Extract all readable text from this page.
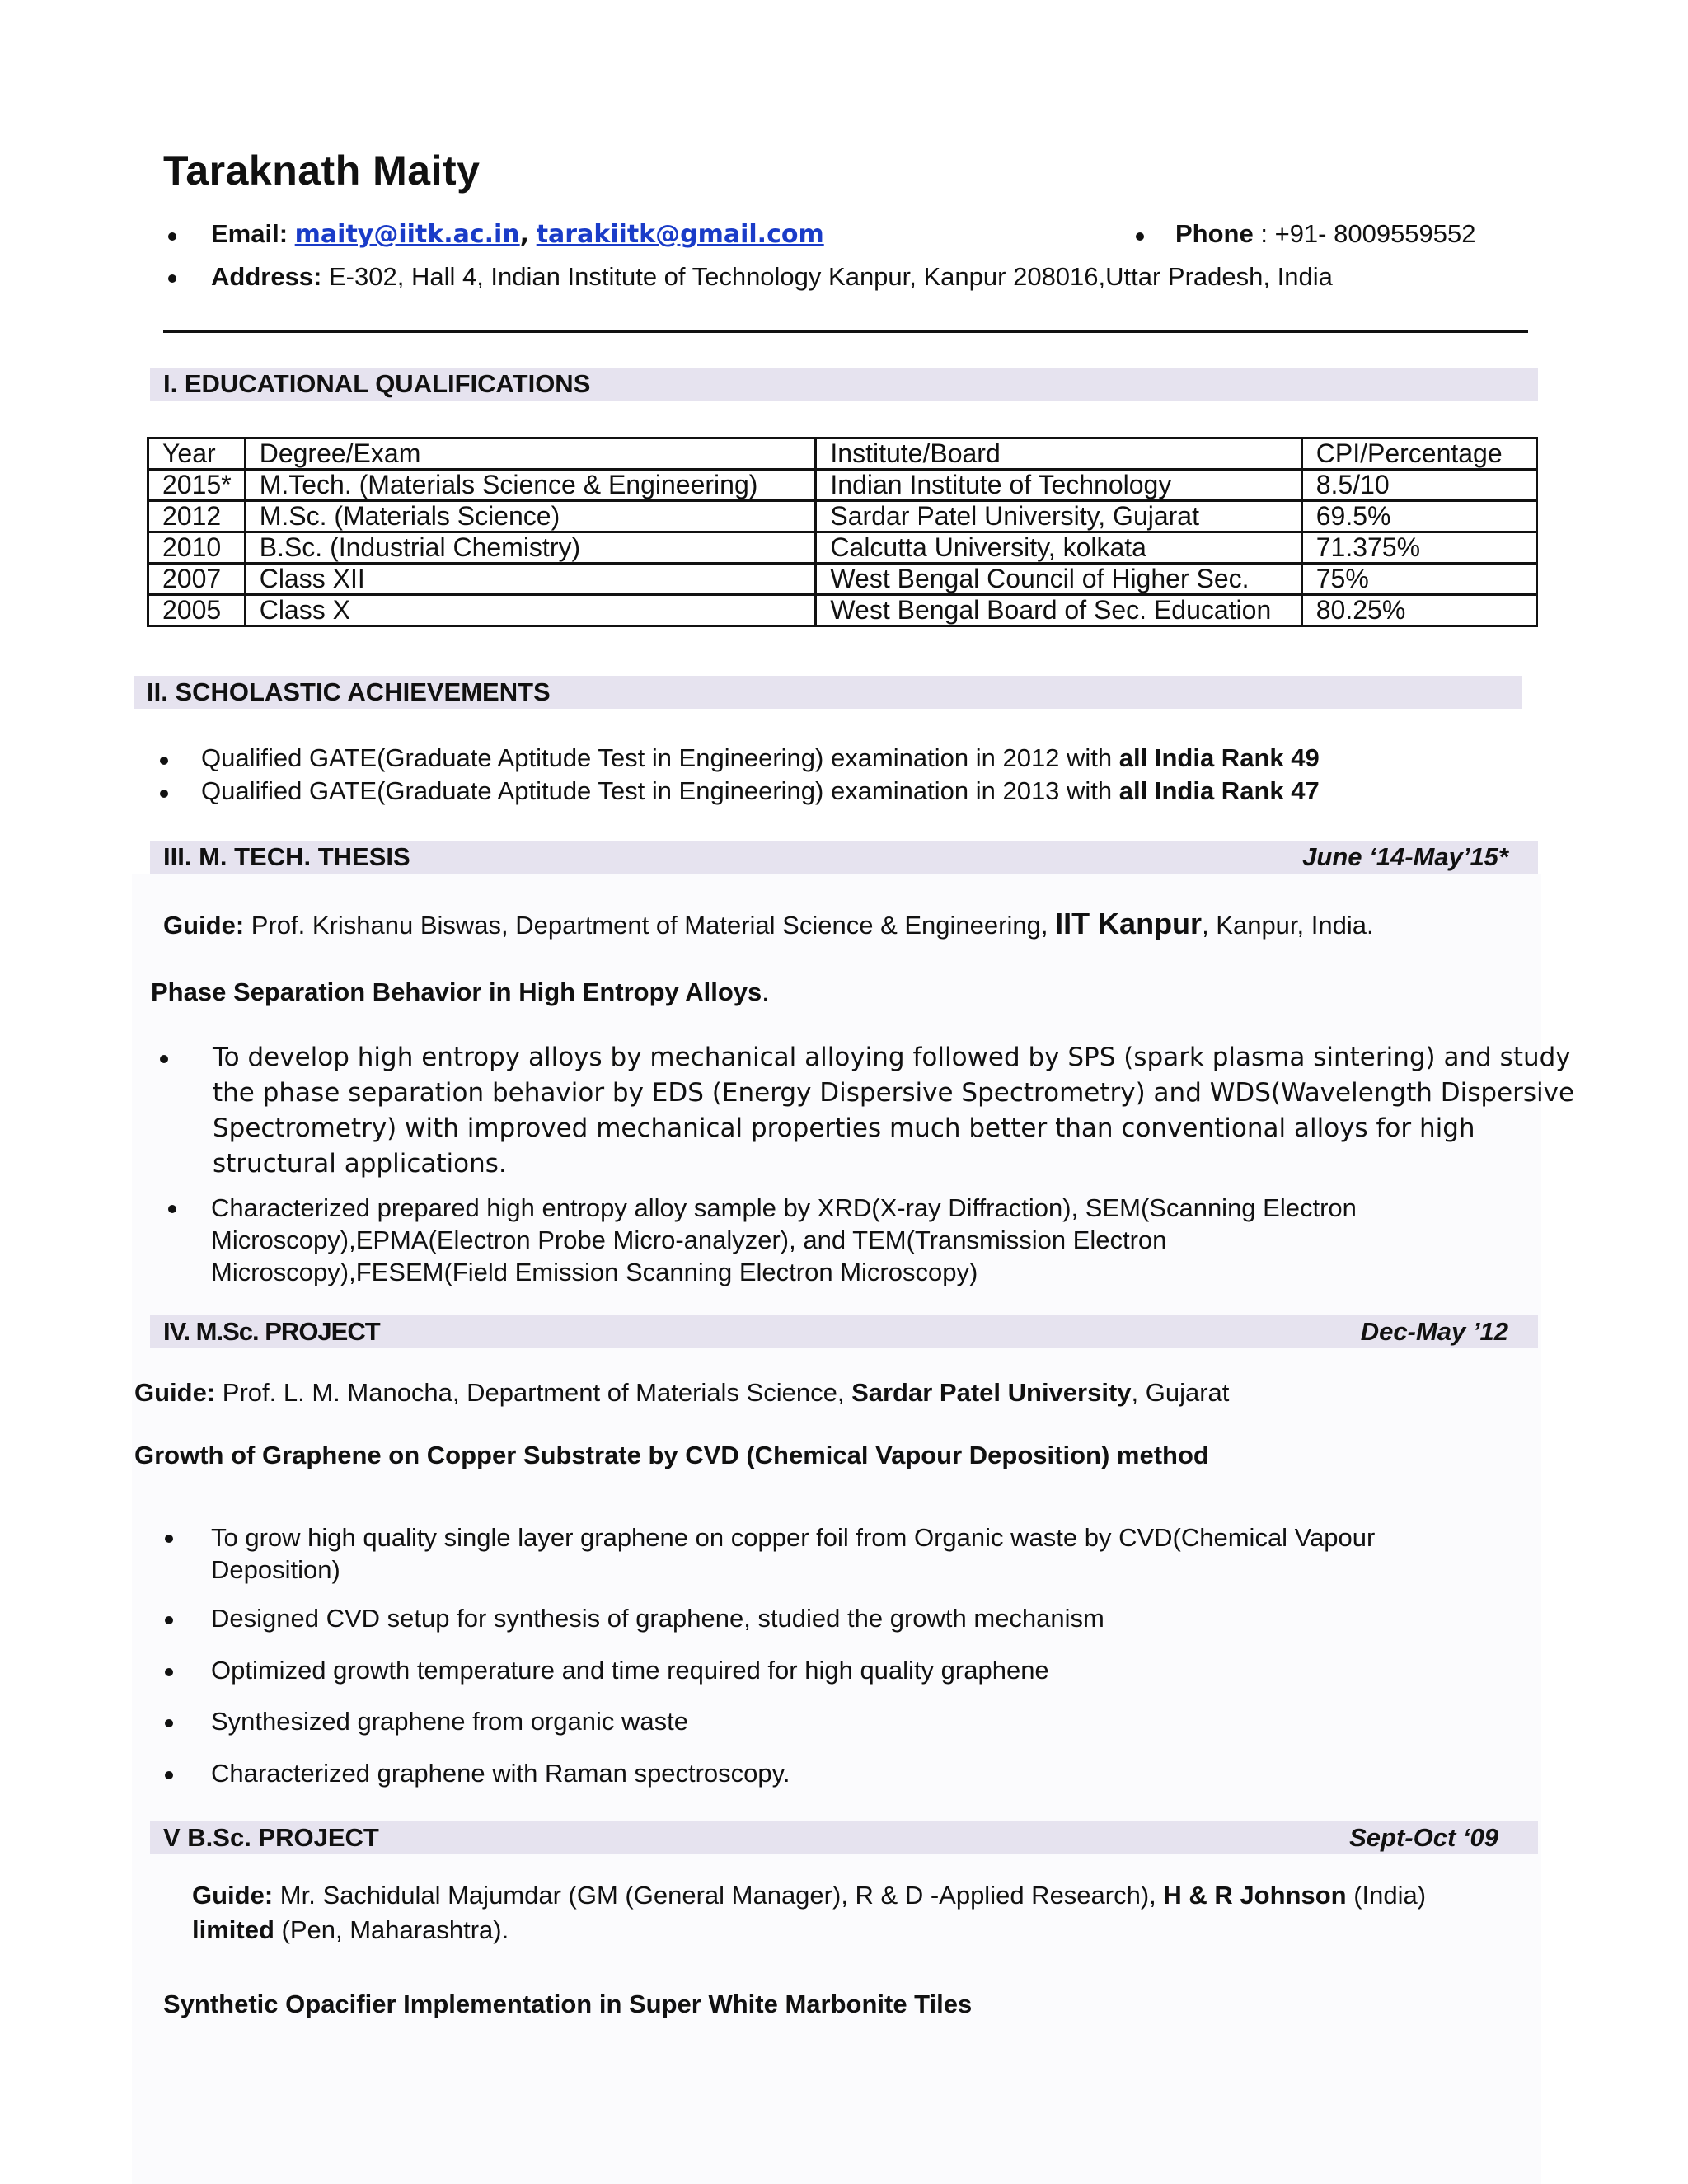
Taraknath Maity
Email: maity@iitk.ac.in, tarakiitk@gmail.com	Phone : +91- 8009559552
Address: E-302, Hall 4, Indian Institute of Technology Kanpur, Kanpur 208016,Uttar Pradesh, India
I. EDUCATIONAL QUALIFICATIONS
Year	Degree/Exam	Institute/Board	CPI/Percentage
2015*	M.Tech. (Materials Science & Engineering)	Indian Institute of Technology	8.5/10
2012	M.Sc. (Materials Science)	Sardar Patel University, Gujarat	69.5%
2010	B.Sc. (Industrial Chemistry)	Calcutta University, kolkata	71.375%
2007	Class XII	West Bengal Council of Higher Sec.	75%
2005	Class X	West Bengal Board of Sec. Education	80.25%
II. SCHOLASTIC ACHIEVEMENTS
Qualified GATE(Graduate Aptitude Test in Engineering) examination in 2012 with all India Rank 49
Qualified GATE(Graduate Aptitude Test in Engineering) examination in 2013 with all India Rank 47
III. M. TECH. THESIS	June ‘14-May’15*
Guide: Prof. Krishanu Biswas, Department of Material Science & Engineering, IIT Kanpur, Kanpur, India.
Phase Separation Behavior in High Entropy Alloys.
To develop high entropy alloys by mechanical alloying followed by SPS (spark plasma sintering) and study
the phase separation behavior by EDS (Energy Dispersive Spectrometry) and WDS(Wavelength Dispersive
Spectrometry) with improved mechanical properties much better than conventional alloys for high
structural applications.
Characterized prepared high entropy alloy sample by XRD(X-ray Diffraction), SEM(Scanning Electron
Microscopy),EPMA(Electron Probe Micro-analyzer), and TEM(Transmission Electron
Microscopy),FESEM(Field Emission Scanning Electron Microscopy)
IV. M.Sc. PROJECT	Dec-May ’12
Guide: Prof. L. M. Manocha, Department of Materials Science, Sardar Patel University, Gujarat
Growth of Graphene on Copper Substrate by CVD (Chemical Vapour Deposition) method
To grow high quality single layer graphene on copper foil from Organic waste by CVD(Chemical Vapour
Deposition)
Designed CVD setup for synthesis of graphene, studied the growth mechanism
Optimized growth temperature and time required for high quality graphene
Synthesized graphene from organic waste
Characterized graphene with Raman spectroscopy.
V B.Sc. PROJECT	Sept-Oct ‘09
Guide: Mr. Sachidulal Majumdar (GM (General Manager), R & D -Applied Research), H & R Johnson (India)
limited (Pen, Maharashtra).
Synthetic Opacifier Implementation in Super White Marbonite Tiles
